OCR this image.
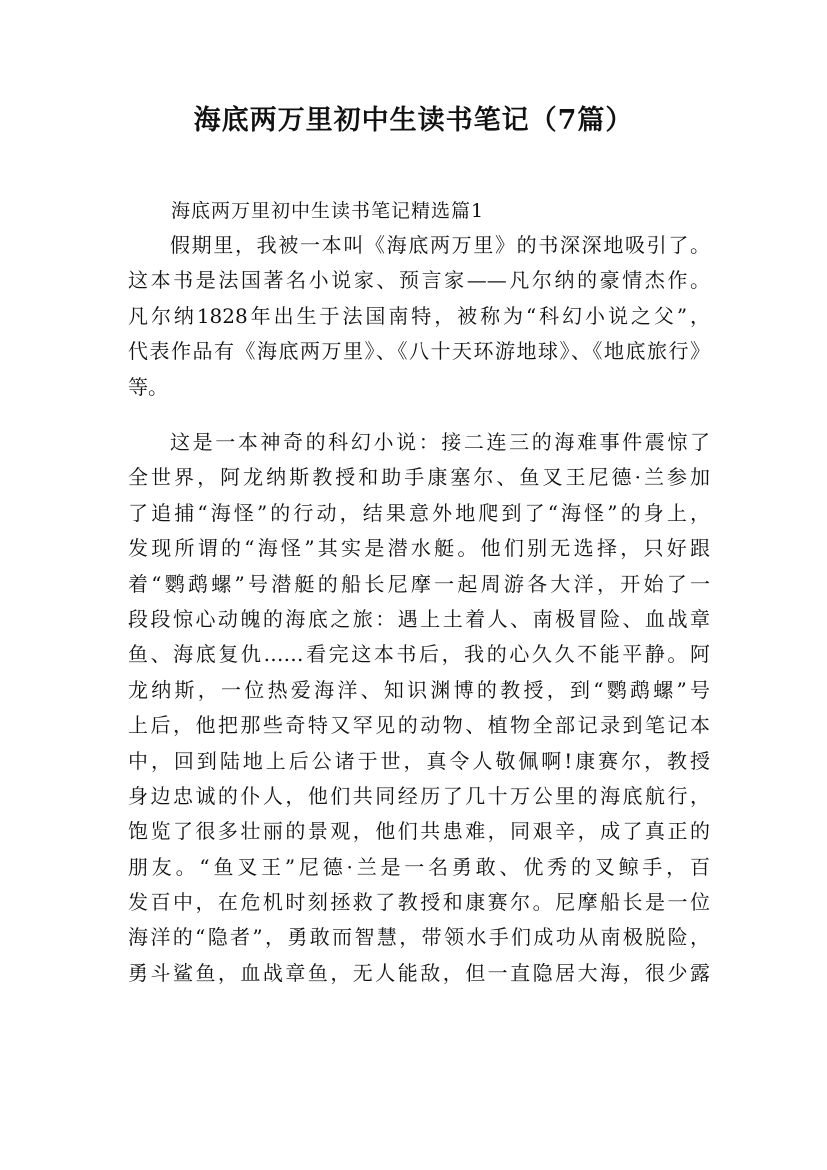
海底两万里初中生读书笔记（7篇）

海底两万里初中生读书笔记精选篇1

假期里，我被一本叫《海底两万里》的书深深地吸引了。
这本书是法国著名小说家、预言家——凡尔纳的豪情杰作。
凡尔纳1828年出生于法国南特，被称为“科幻小说之父”，
代表作品有《海底两万里》、《八十天环游地球》、《地底旅行》
等。
这是一本神奇的科幻小说：接二连三的海难事件震惊了
全世界，阿龙纳斯教授和助手康塞尔、鱼叉王尼德·兰参加
了追捕“海怪”的行动，结果意外地爬到了“海怪”的身上，
发现所谓的“海怪”其实是潜水艇。他们别无选择，只好跟
着“鹦鹉螺”号潜艇的船长尼摩一起周游各大洋，开始了一
段段惊心动魄的海底之旅：遇上土着人、南极冒险、血战章
鱼、海底复仇……看完这本书后，我的心久久不能平静。阿
龙纳斯，一位热爱海洋、知识渊博的教授，到“鹦鹉螺”号
上后，他把那些奇特又罕见的动物、植物全部记录到笔记本
中，回到陆地上后公诸于世，真令人敬佩啊!康赛尔，教授
身边忠诚的仆人，他们共同经历了几十万公里的海底航行，
饱览了很多壮丽的景观，他们共患难，同艰辛，成了真正的
朋友。“鱼叉王”尼德·兰是一名勇敢、优秀的叉鲸手，百
发百中，在危机时刻拯救了教授和康赛尔。尼摩船长是一位
海洋的“隐者”，勇敢而智慧，带领水手们成功从南极脱险，
勇斗鲨鱼，血战章鱼，无人能敌，但一直隐居大海，很少露
